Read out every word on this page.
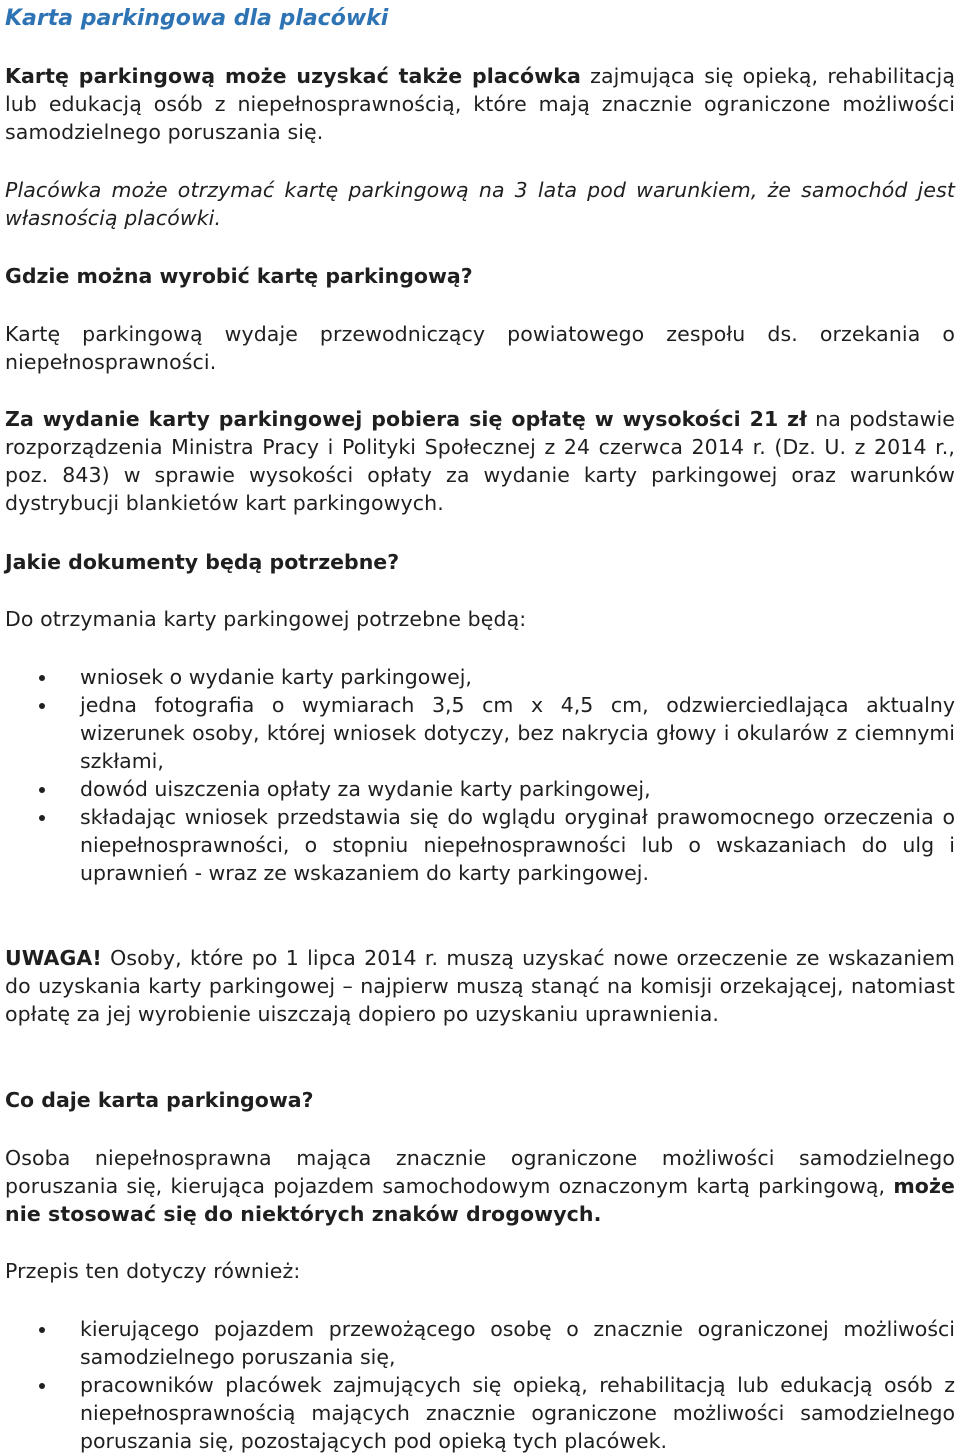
Karta parkingowa dla placówki

Kartę parkingową może uzyskać także placówka zajmująca się opieką, rehabilitacją lub edukacją osób z niepełnosprawnością, które mają znacznie ograniczone możliwości samodzielnego poruszania się.

Placówka może otrzymać kartę parkingową na 3 lata pod warunkiem, że samochód jest własnością placówki.

Gdzie można wyrobić kartę parkingową?

Kartę parkingową wydaje przewodniczący powiatowego zespołu ds. orzekania o niepełnosprawności.

Za wydanie karty parkingowej pobiera się opłatę w wysokości 21 zł na podstawie rozporządzenia Ministra Pracy i Polityki Społecznej z 24 czerwca 2014 r. (Dz. U. z 2014 r., poz. 843) w sprawie wysokości opłaty za wydanie karty parkingowej oraz warunków dystrybucji blankietów kart parkingowych.

Jakie dokumenty będą potrzebne?

Do otrzymania karty parkingowej potrzebne będą:

wniosek o wydanie karty parkingowej,
jedna fotografia o wymiarach 3,5 cm x 4,5 cm, odzwierciedlająca aktualny wizerunek osoby, której wniosek dotyczy, bez nakrycia głowy i okularów z ciemnymi szkłami,
dowód uiszczenia opłaty za wydanie karty parkingowej,
składając wniosek przedstawia się do wglądu oryginał prawomocnego orzeczenia o niepełnosprawności, o stopniu niepełnosprawności lub o wskazaniach do ulg i uprawnień - wraz ze wskazaniem do karty parkingowej.

UWAGA! Osoby, które po 1 lipca 2014 r. muszą uzyskać nowe orzeczenie ze wskazaniem do uzyskania karty parkingowej – najpierw muszą stanąć na komisji orzekającej, natomiast opłatę za jej wyrobienie uiszczają dopiero po uzyskaniu uprawnienia.

Co daje karta parkingowa?

Osoba niepełnosprawna mająca znacznie ograniczone możliwości samodzielnego poruszania się, kierująca pojazdem samochodowym oznaczonym kartą parkingową, może nie stosować się do niektórych znaków drogowych.

Przepis ten dotyczy również:

kierującego pojazdem przewożącego osobę o znacznie ograniczonej możliwości samodzielnego poruszania się,
pracowników placówek zajmujących się opieką, rehabilitacją lub edukacją osób z niepełnosprawnością mających znacznie ograniczone możliwości samodzielnego poruszania się, pozostających pod opieką tych placówek.
